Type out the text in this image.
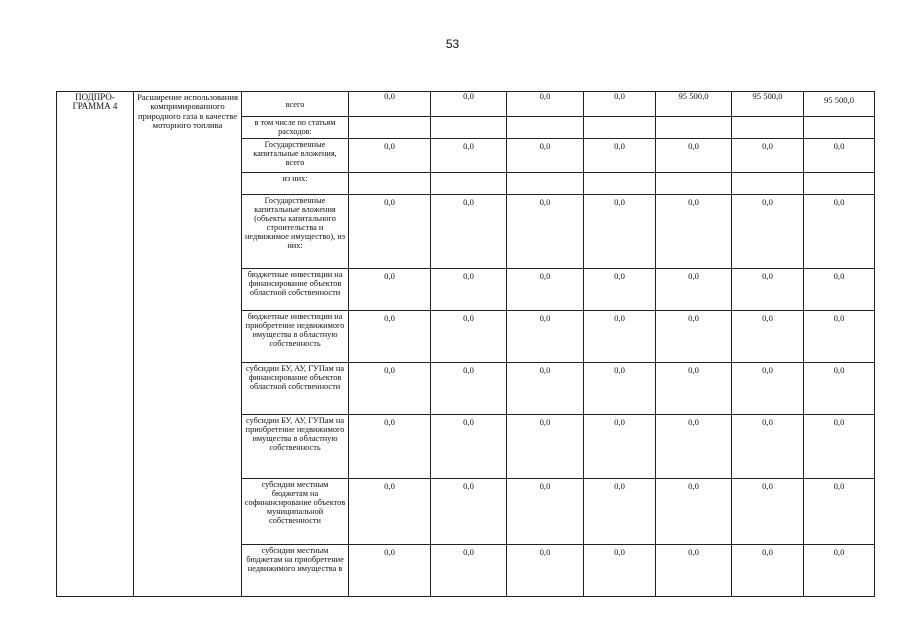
53
ПОДПРО-ГРАММА 4	Расширение использования компримированного природного газа в качестве моторного топлива	всего	0,0	0,0	0,0	0,0	95 500,0	95 500,0	95 500,0
		в том числе по статьям расходов:							
		Государственные капитальные вложения, всего	0,0	0,0	0,0	0,0	0,0	0,0	0,0
		из них:							
		Государственные капитальные вложения (объекты капитального строительства и недвижимое имущество), из них:	0,0	0,0	0,0	0,0	0,0	0,0	0,0
		бюджетные инвестиции на финансирование объектов областной собственности	0,0	0,0	0,0	0,0	0,0	0,0	0,0
		бюджетные инвестиции на приобретение недвижимого имущества в областную собственность	0,0	0,0	0,0	0,0	0,0	0,0	0,0
		субсидии БУ, АУ, ГУПам на финансирование объектов областной собственности	0,0	0,0	0,0	0,0	0,0	0,0	0,0
		субсидии БУ, АУ, ГУПам на приобретение недвижимого имущества в областную собственность	0,0	0,0	0,0	0,0	0,0	0,0	0,0
		субсидии местным бюджетам на софинансирование объектов муниципальной собственности	0,0	0,0	0,0	0,0	0,0	0,0	0,0
		субсидии местным бюджетам на приобретение недвижимого имущества в	0,0	0,0	0,0	0,0	0,0	0,0	0,0
